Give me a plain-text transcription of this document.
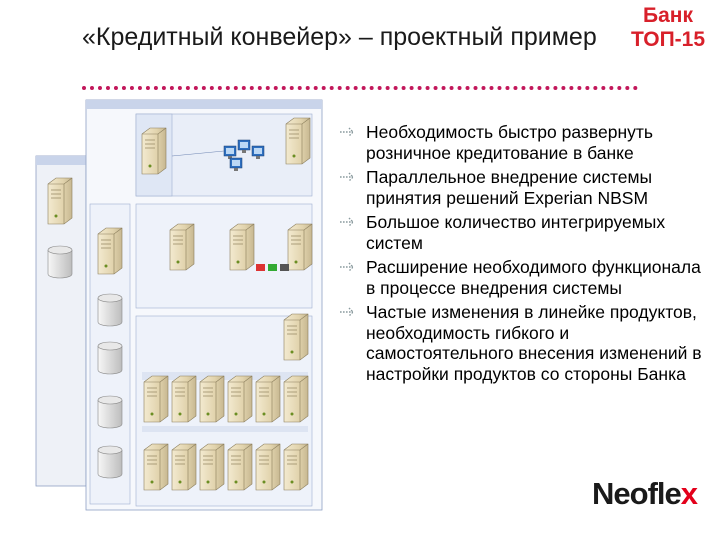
«Кредитный конвейер» – проектный пример
Банк
ТОП-15
Необходимость быстро развернуть розничное кредитование в банке
Параллельное внедрение системы принятия решений Experian NBSM
Большое количество интегрируемых систем
Расширение необходимого функционала в процессе внедрения системы
Частые изменения в линейке продуктов, необходимость гибкого и самостоятельного внесения изменений в настройки продуктов со стороны Банка
Neoflex
